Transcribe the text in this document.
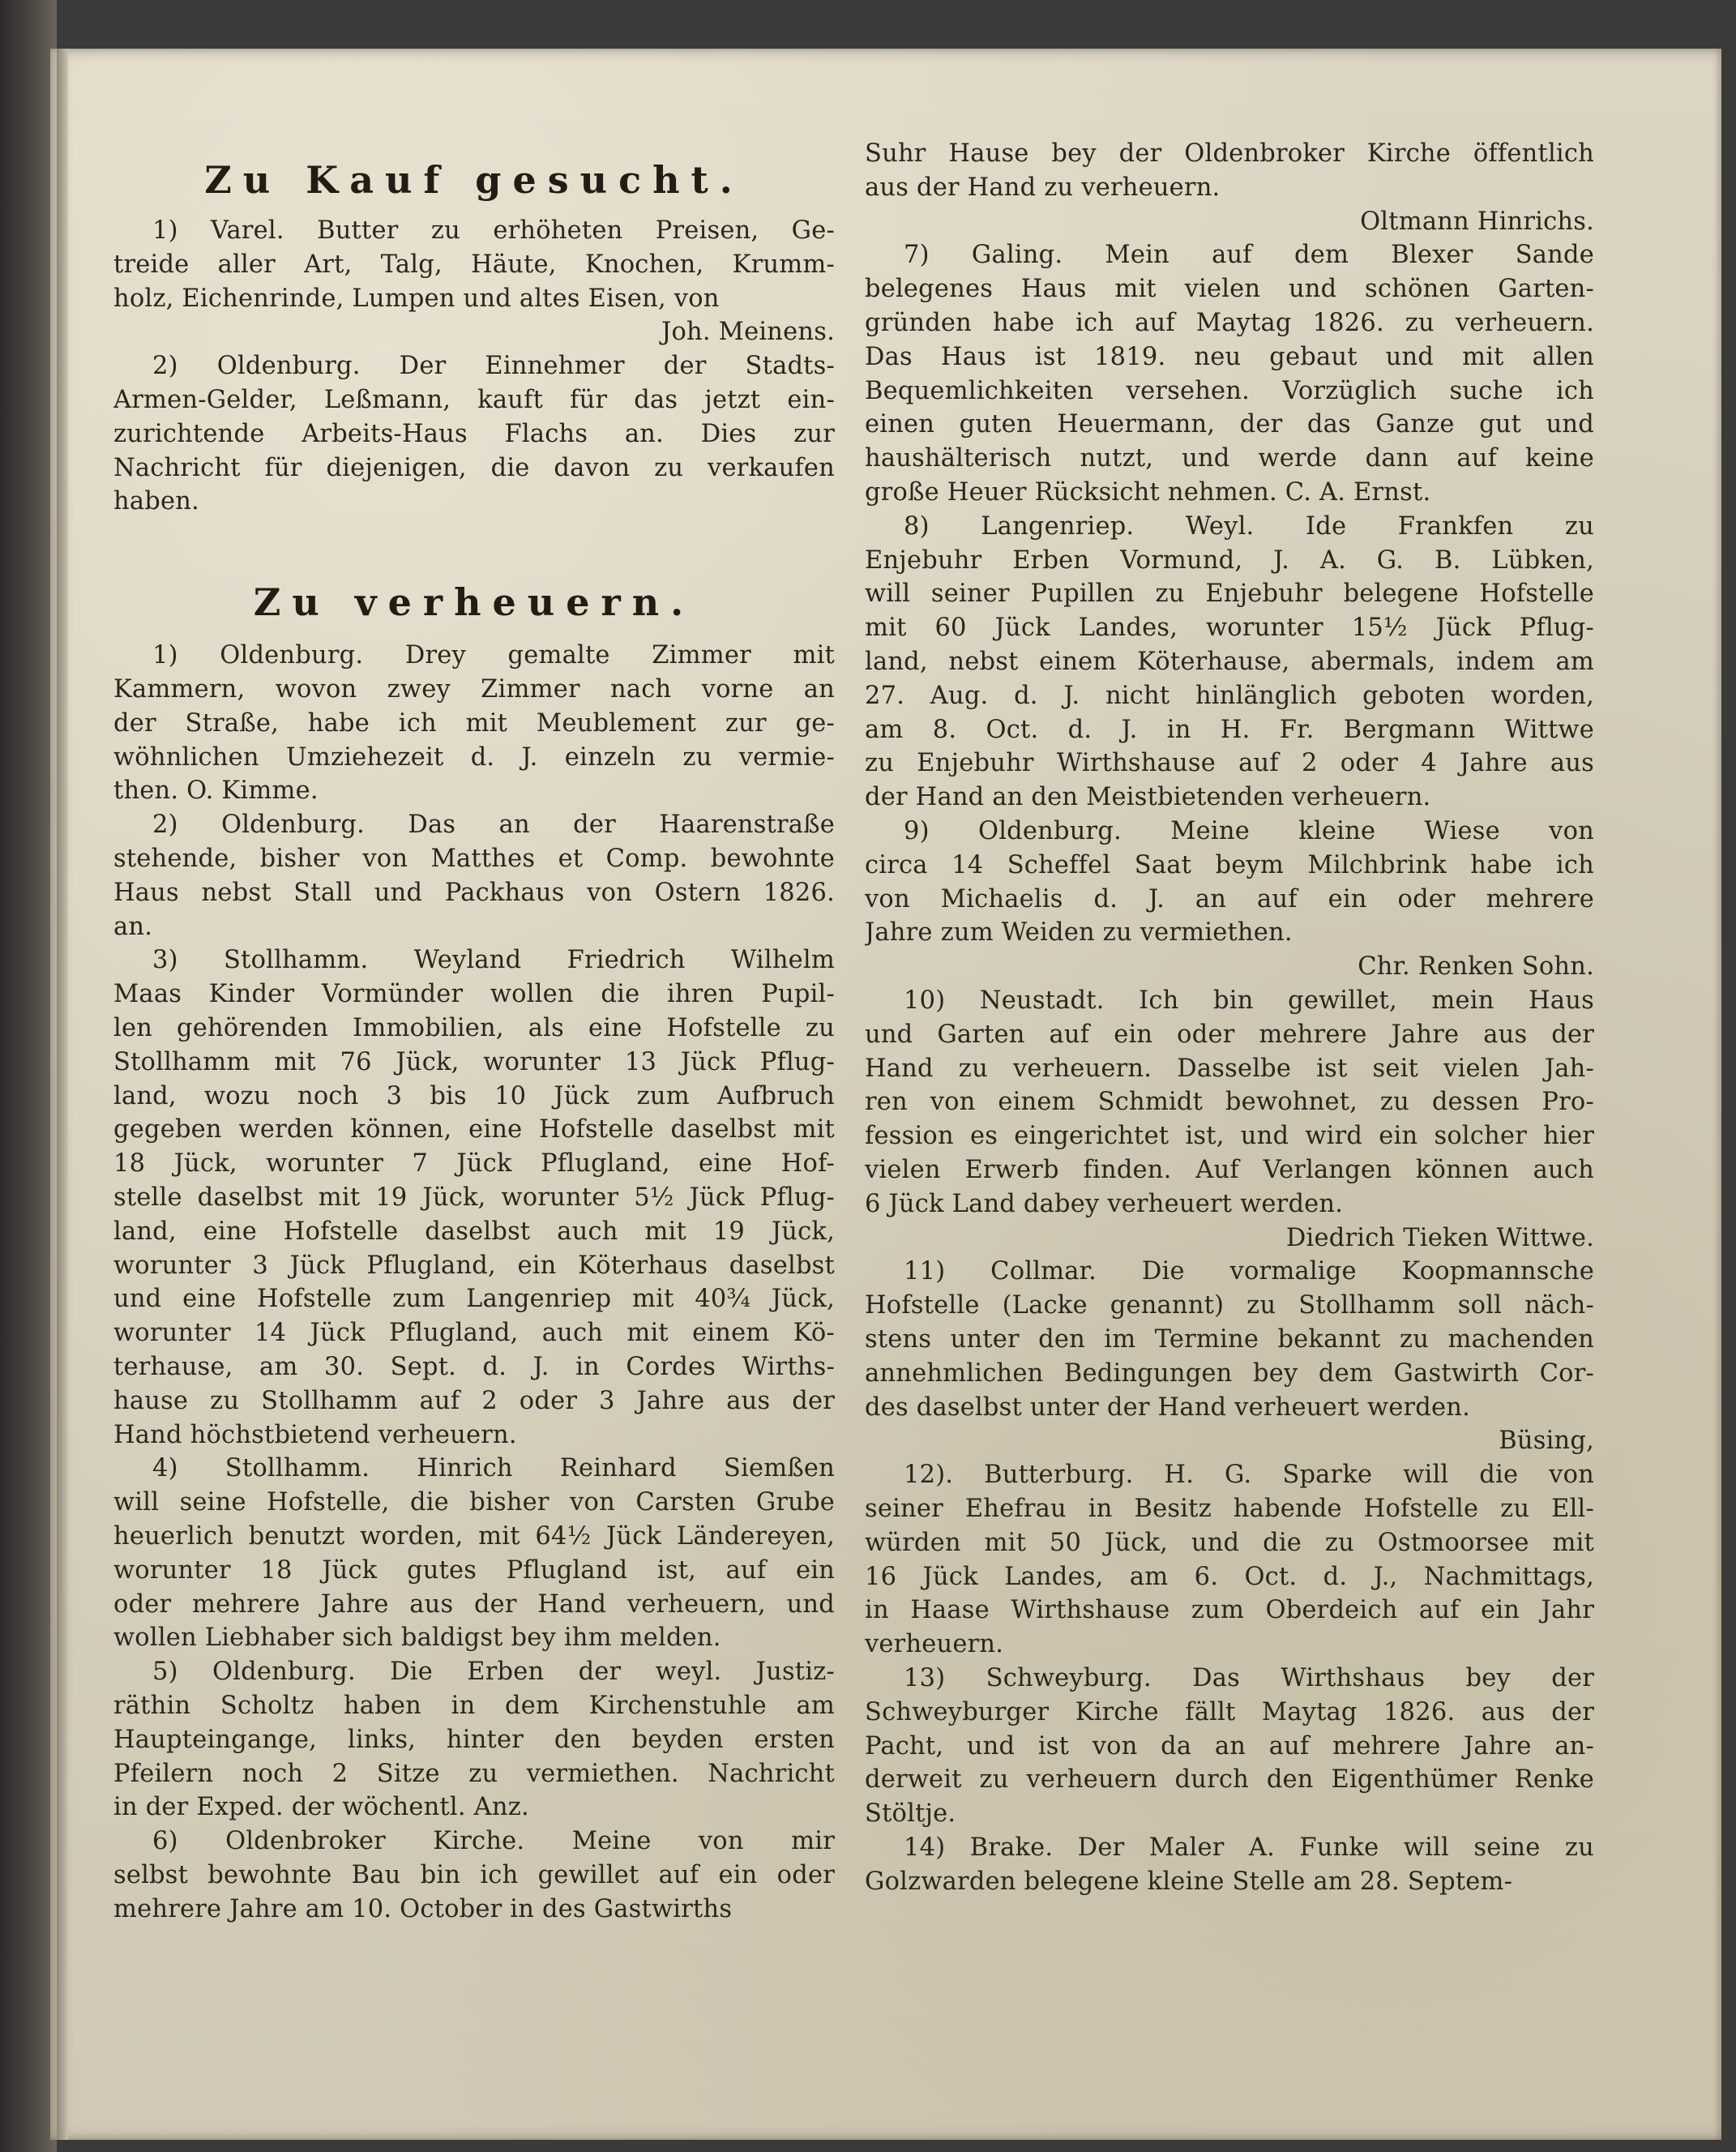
Zu Kauf gesucht.
1) Varel. Butter zu erhöheten Preisen, Ge-
treide aller Art, Talg, Häute, Knochen, Krumm-
holz, Eichenrinde, Lumpen und altes Eisen, von
Joh. Meinens.
2) Oldenburg. Der Einnehmer der Stadts-
Armen-Gelder, Leßmann, kauft für das jetzt ein-
zurichtende Arbeits-Haus Flachs an. Dies zur
Nachricht für diejenigen, die davon zu verkaufen
haben.
Zu verheuern.
1) Oldenburg. Drey gemalte Zimmer mit
Kammern, wovon zwey Zimmer nach vorne an
der Straße, habe ich mit Meublement zur ge-
wöhnlichen Umziehezeit d. J. einzeln zu vermie-
then. O. Kimme.
2) Oldenburg. Das an der Haarenstraße
stehende, bisher von Matthes et Comp. bewohnte
Haus nebst Stall und Packhaus von Ostern 1826.
an.
3) Stollhamm. Weyland Friedrich Wilhelm
Maas Kinder Vormünder wollen die ihren Pupil-
len gehörenden Immobilien, als eine Hofstelle zu
Stollhamm mit 76 Jück, worunter 13 Jück Pflug-
land, wozu noch 3 bis 10 Jück zum Aufbruch
gegeben werden können, eine Hofstelle daselbst mit
18 Jück, worunter 7 Jück Pflugland, eine Hof-
stelle daselbst mit 19 Jück, worunter 5½ Jück Pflug-
land, eine Hofstelle daselbst auch mit 19 Jück,
worunter 3 Jück Pflugland, ein Köterhaus daselbst
und eine Hofstelle zum Langenriep mit 40¾ Jück,
worunter 14 Jück Pflugland, auch mit einem Kö-
terhause, am 30. Sept. d. J. in Cordes Wirths-
hause zu Stollhamm auf 2 oder 3 Jahre aus der
Hand höchstbietend verheuern.
4) Stollhamm. Hinrich Reinhard Siemßen
will seine Hofstelle, die bisher von Carsten Grube
heuerlich benutzt worden, mit 64½ Jück Ländereyen,
worunter 18 Jück gutes Pflugland ist, auf ein
oder mehrere Jahre aus der Hand verheuern, und
wollen Liebhaber sich baldigst bey ihm melden.
5) Oldenburg. Die Erben der weyl. Justiz-
räthin Scholtz haben in dem Kirchenstuhle am
Haupteingange, links, hinter den beyden ersten
Pfeilern noch 2 Sitze zu vermiethen. Nachricht
in der Exped. der wöchentl. Anz.
6) Oldenbroker Kirche. Meine von mir
selbst bewohnte Bau bin ich gewillet auf ein oder
mehrere Jahre am 10. October in des Gastwirths
Suhr Hause bey der Oldenbroker Kirche öffentlich
aus der Hand zu verheuern.
Oltmann Hinrichs.
7) Galing. Mein auf dem Blexer Sande
belegenes Haus mit vielen und schönen Garten-
gründen habe ich auf Maytag 1826. zu verheuern.
Das Haus ist 1819. neu gebaut und mit allen
Bequemlichkeiten versehen. Vorzüglich suche ich
einen guten Heuermann, der das Ganze gut und
haushälterisch nutzt, und werde dann auf keine
große Heuer Rücksicht nehmen. C. A. Ernst.
8) Langenriep. Weyl. Ide Frankfen zu
Enjebuhr Erben Vormund, J. A. G. B. Lübken,
will seiner Pupillen zu Enjebuhr belegene Hofstelle
mit 60 Jück Landes, worunter 15½ Jück Pflug-
land, nebst einem Köterhause, abermals, indem am
27. Aug. d. J. nicht hinlänglich geboten worden,
am 8. Oct. d. J. in H. Fr. Bergmann Wittwe
zu Enjebuhr Wirthshause auf 2 oder 4 Jahre aus
der Hand an den Meistbietenden verheuern.
9) Oldenburg. Meine kleine Wiese von
circa 14 Scheffel Saat beym Milchbrink habe ich
von Michaelis d. J. an auf ein oder mehrere
Jahre zum Weiden zu vermiethen.
Chr. Renken Sohn.
10) Neustadt. Ich bin gewillet, mein Haus
und Garten auf ein oder mehrere Jahre aus der
Hand zu verheuern. Dasselbe ist seit vielen Jah-
ren von einem Schmidt bewohnet, zu dessen Pro-
fession es eingerichtet ist, und wird ein solcher hier
vielen Erwerb finden. Auf Verlangen können auch
6 Jück Land dabey verheuert werden.
Diedrich Tieken Wittwe.
11) Collmar. Die vormalige Koopmannsche
Hofstelle (Lacke genannt) zu Stollhamm soll näch-
stens unter den im Termine bekannt zu machenden
annehmlichen Bedingungen bey dem Gastwirth Cor-
des daselbst unter der Hand verheuert werden.
Büsing,
12). Butterburg. H. G. Sparke will die von
seiner Ehefrau in Besitz habende Hofstelle zu Ell-
würden mit 50 Jück, und die zu Ostmoorsee mit
16 Jück Landes, am 6. Oct. d. J., Nachmittags,
in Haase Wirthshause zum Oberdeich auf ein Jahr
verheuern.
13) Schweyburg. Das Wirthshaus bey der
Schweyburger Kirche fällt Maytag 1826. aus der
Pacht, und ist von da an auf mehrere Jahre an-
derweit zu verheuern durch den Eigenthümer Renke
Stöltje.
14) Brake. Der Maler A. Funke will seine zu
Golzwarden belegene kleine Stelle am 28. Septem-
